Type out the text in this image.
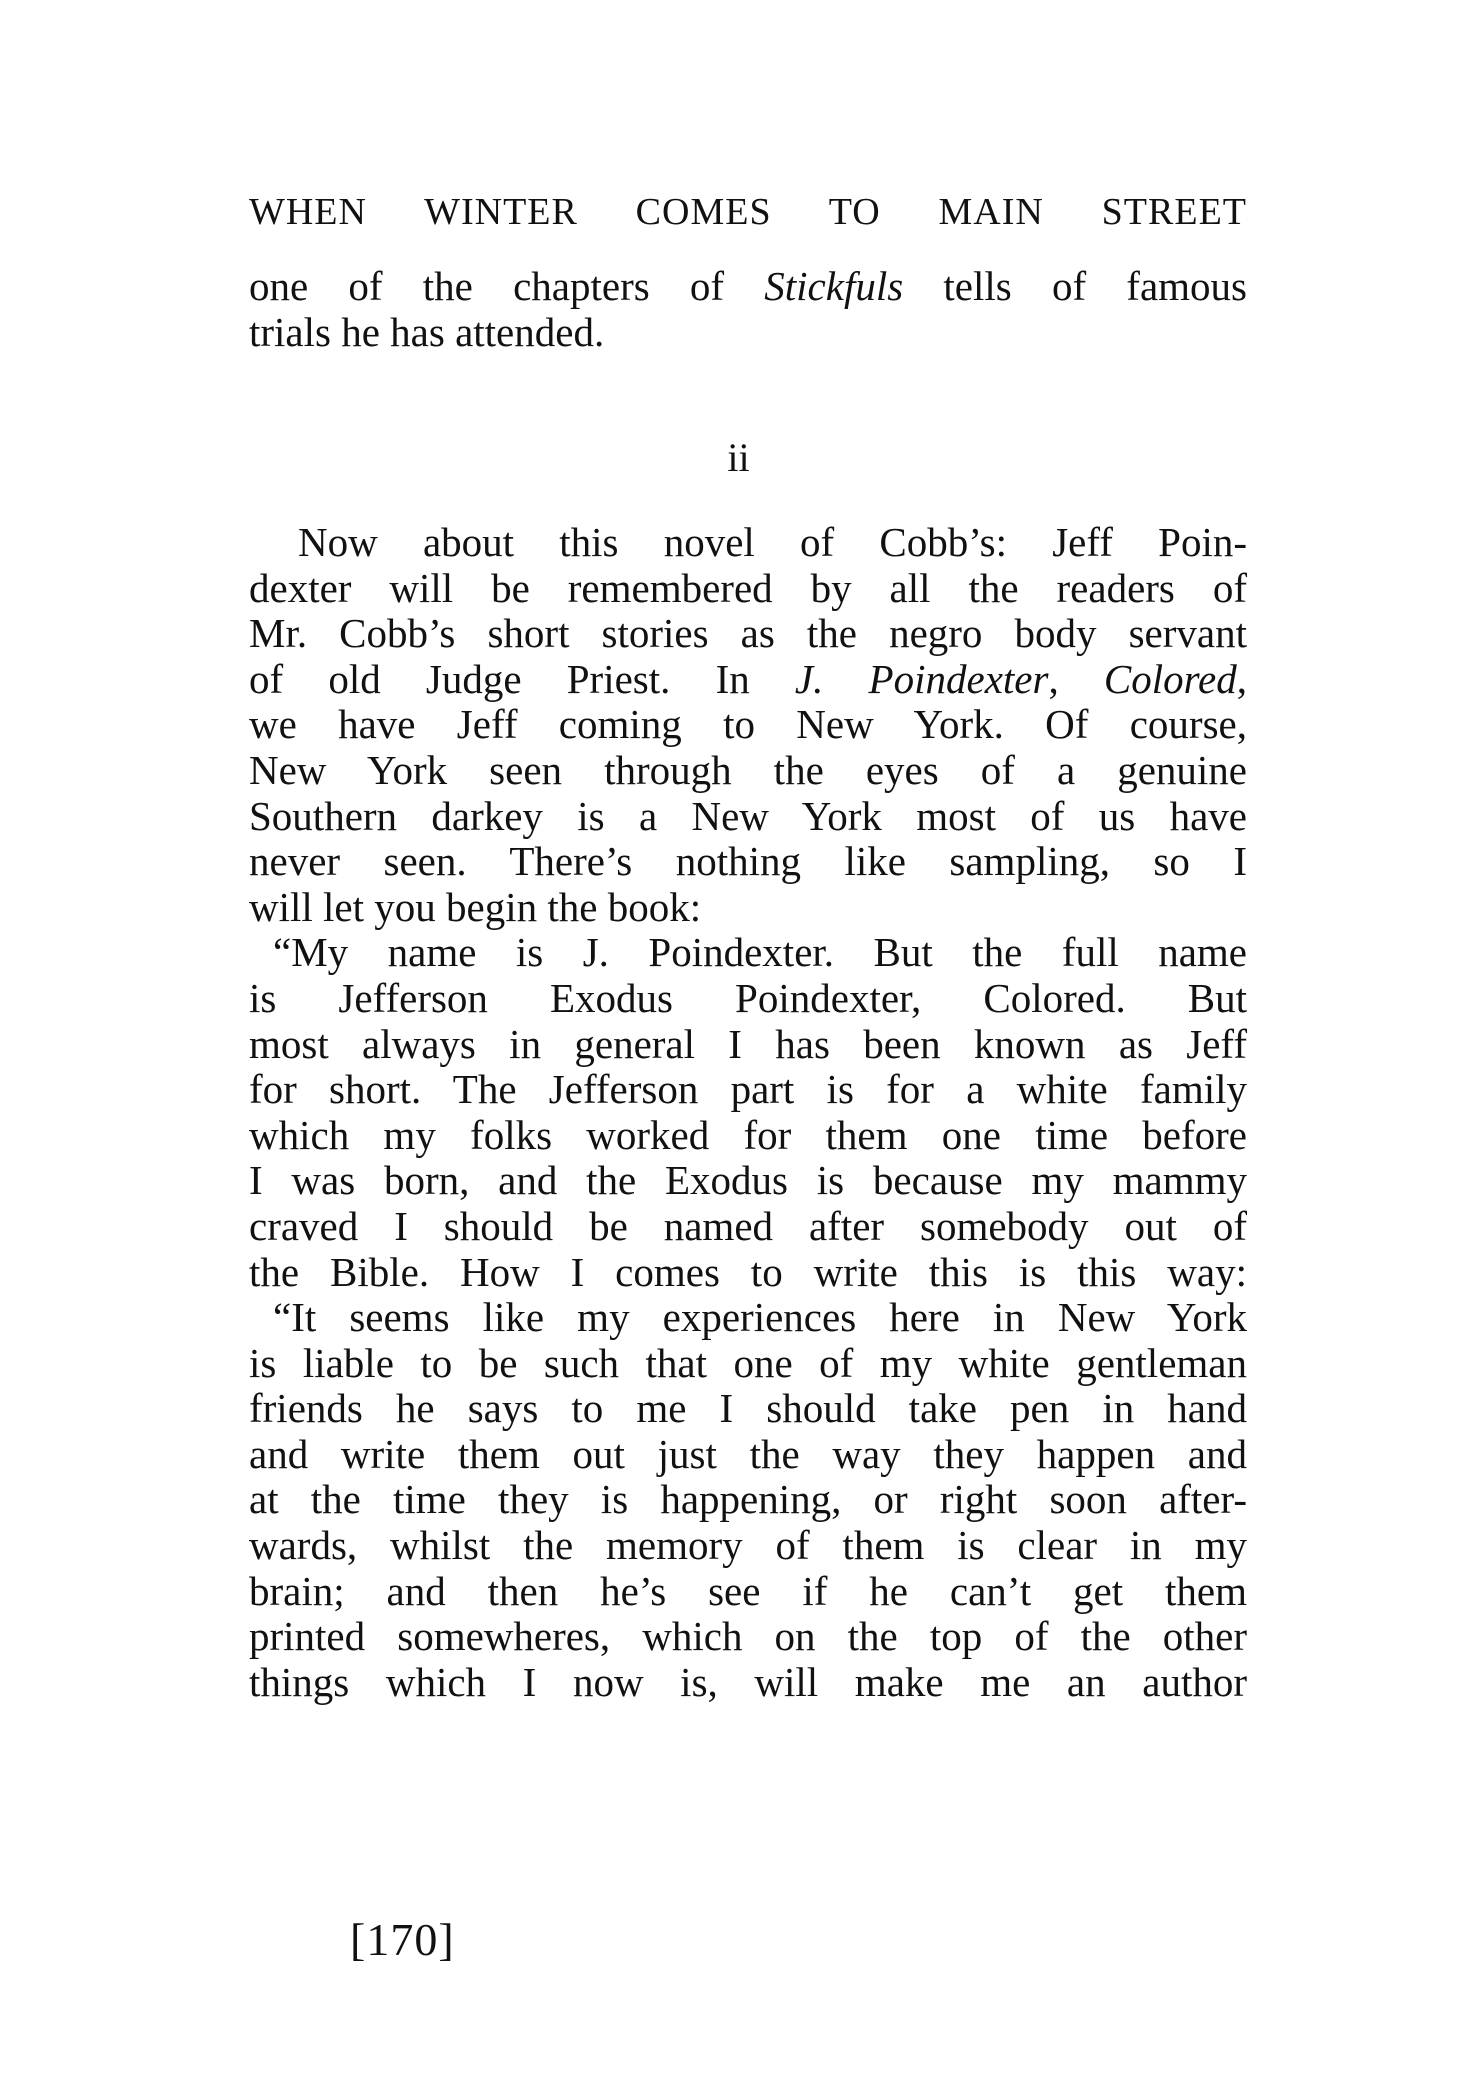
WHEN WINTER COMES TO MAIN STREET
one of the chapters of Stickfuls tells of famous
trials he has attended.
ii
Now about this novel of Cobb’s: Jeff Poin-
dexter will be remembered by all the readers of
Mr. Cobb’s short stories as the negro body servant
of old Judge Priest. In J. Poindexter, Colored,
we have Jeff coming to New York. Of course,
New York seen through the eyes of a genuine
Southern darkey is a New York most of us have
never seen. There’s nothing like sampling, so I
will let you begin the book:
“My name is J. Poindexter. But the full name
is Jefferson Exodus Poindexter, Colored. But
most always in general I has been known as Jeff
for short. The Jefferson part is for a white family
which my folks worked for them one time before
I was born, and the Exodus is because my mammy
craved I should be named after somebody out of
the Bible. How I comes to write this is this way:
“It seems like my experiences here in New York
is liable to be such that one of my white gentleman
friends he says to me I should take pen in hand
and write them out just the way they happen and
at the time they is happening, or right soon after-
wards, whilst the memory of them is clear in my
brain; and then he’s see if he can’t get them
printed somewheres, which on the top of the other
things which I now is, will make me an author
[170]
